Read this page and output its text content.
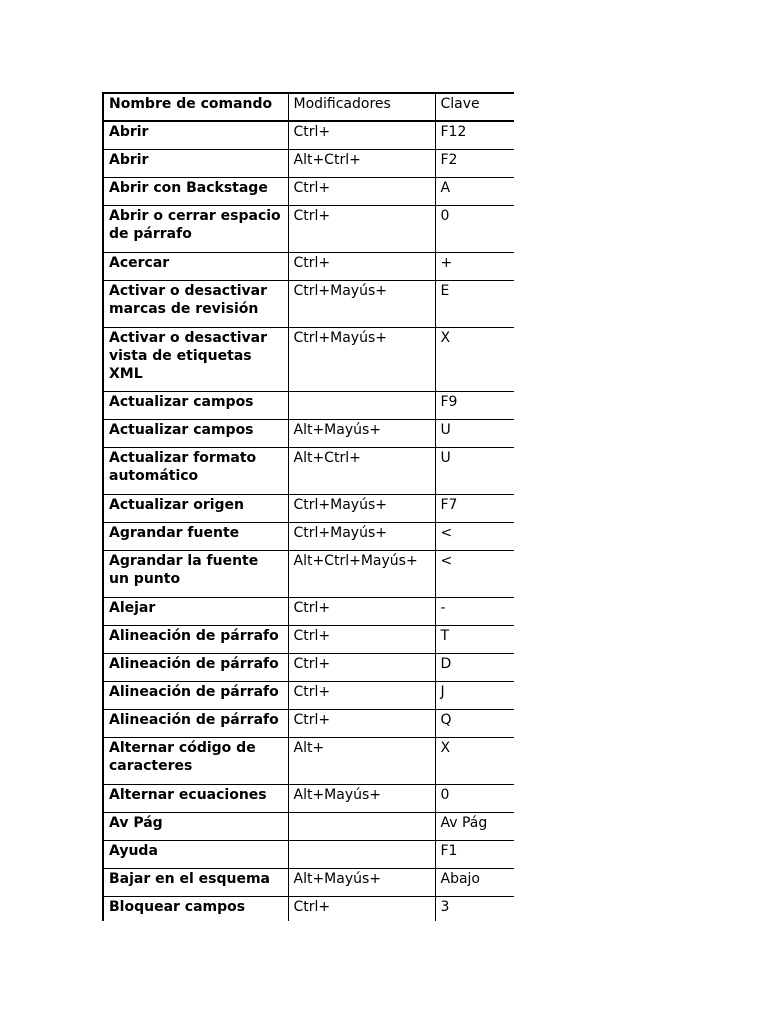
Nombre de comando	Modificadores	Clave
Abrir	Ctrl+	F12
Abrir	Alt+Ctrl+	F2
Abrir con Backstage	Ctrl+	A
Abrir o cerrar espacio de párrafo	Ctrl+	0
Acercar	Ctrl+	+
Activar o desactivar marcas de revisión	Ctrl+Mayús+	E
Activar o desactivar vista de etiquetas XML	Ctrl+Mayús+	X
Actualizar campos		F9
Actualizar campos	Alt+Mayús+	U
Actualizar formato automático	Alt+Ctrl+	U
Actualizar origen	Ctrl+Mayús+	F7
Agrandar fuente	Ctrl+Mayús+	<
Agrandar la fuente un punto	Alt+Ctrl+Mayús+	<
Alejar	Ctrl+	-
Alineación de párrafo	Ctrl+	T
Alineación de párrafo	Ctrl+	D
Alineación de párrafo	Ctrl+	J
Alineación de párrafo	Ctrl+	Q
Alternar código de caracteres	Alt+	X
Alternar ecuaciones	Alt+Mayús+	0
Av Pág		Av Pág
Ayuda		F1
Bajar en el esquema	Alt+Mayús+	Abajo
Bloquear campos	Ctrl+	3
